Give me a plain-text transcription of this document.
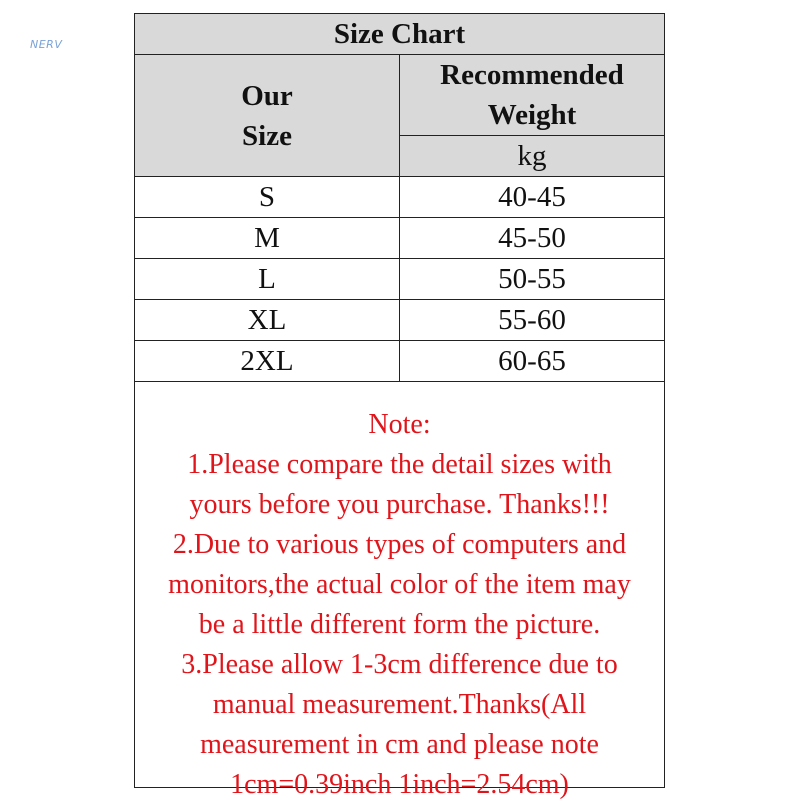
NERV	Size Chart	

Our
Size	Recommended Weight
	kg
S	40-45
M	45-50
L	50-55
XL	55-60
2XL	60-65
Note:
1.Please compare the detail sizes with
yours before you purchase. Thanks!!!
2.Due to various types of computers and
monitors,the actual color of the item may
be a little different form the picture.
3.Please allow 1-3cm difference due to
manual measurement.Thanks(All
measurement in cm and please note
1cm=0.39inch 1inch=2.54cm)
